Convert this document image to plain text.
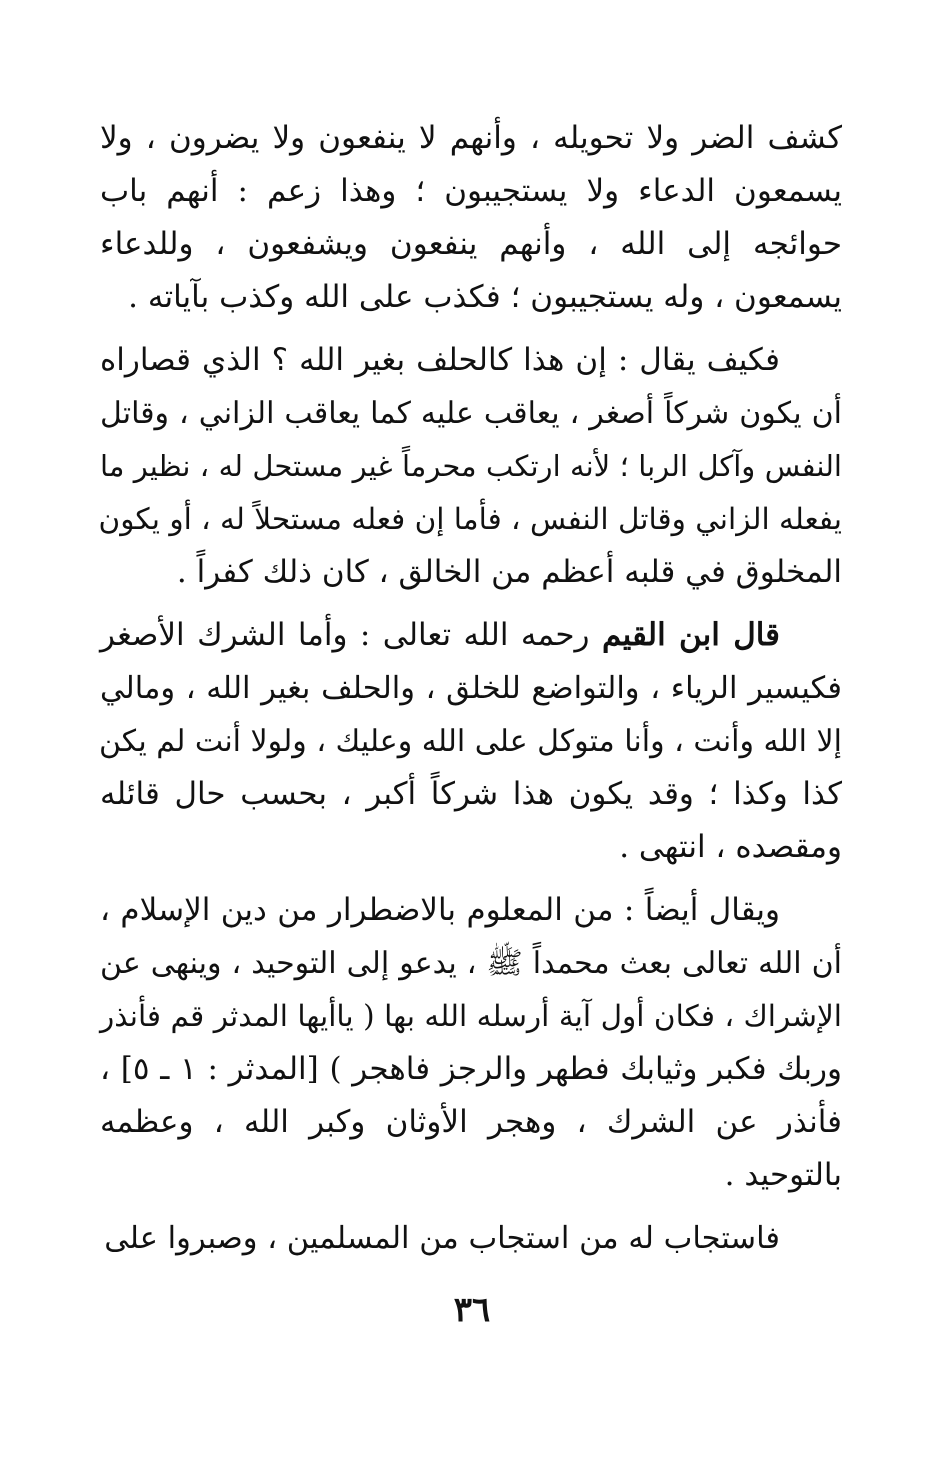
كشف الضر ولا تحويله ، وأنهم لا ينفعون ولا يضرون ، ولا
يسمعون الدعاء ولا يستجيبون ؛ وهذا زعم : أنهم باب
حوائجه إلى الله ، وأنهم ينفعون ويشفعون ، وللدعاء
يسمعون ، وله يستجيبون ؛ فكذب على الله وكذب بآياته .
فكيف يقال : إن هذا كالحلف بغير الله ؟ الذي قصاراه
أن يكون شركاً أصغر ، يعاقب عليه كما يعاقب الزاني ، وقاتل
النفس وآكل الربا ؛ لأنه ارتكب محرماً غير مستحل له ، نظير ما
يفعله الزاني وقاتل النفس ، فأما إن فعله مستحلاً له ، أو يكون
المخلوق في قلبه أعظم من الخالق ، كان ذلك كفراً .
قال ابن القيم رحمه الله تعالى : وأما الشرك الأصغر
فكيسير الرياء ، والتواضع للخلق ، والحلف بغير الله ، ومالي
إلا الله وأنت ، وأنا متوكل على الله وعليك ، ولولا أنت لم يكن
كذا وكذا ؛ وقد يكون هذا شركاً أكبر ، بحسب حال قائله
ومقصده ، انتهى .
ويقال أيضاً : من المعلوم بالاضطرار من دين الإسلام ،
أن الله تعالى بعث محمداً ﷺ ، يدعو إلى التوحيد ، وينهى عن
الإشراك ، فكان أول آية أرسله الله بها ( ياأيها المدثر قم فأنذر
وربك فكبر وثيابك فطهر والرجز فاهجر ) [المدثر : ١ ـ ٥] ،
فأنذر عن الشرك ، وهجر الأوثان وكبر الله ، وعظمه
بالتوحيد .
فاستجاب له من استجاب من المسلمين ، وصبروا على
٣٦
